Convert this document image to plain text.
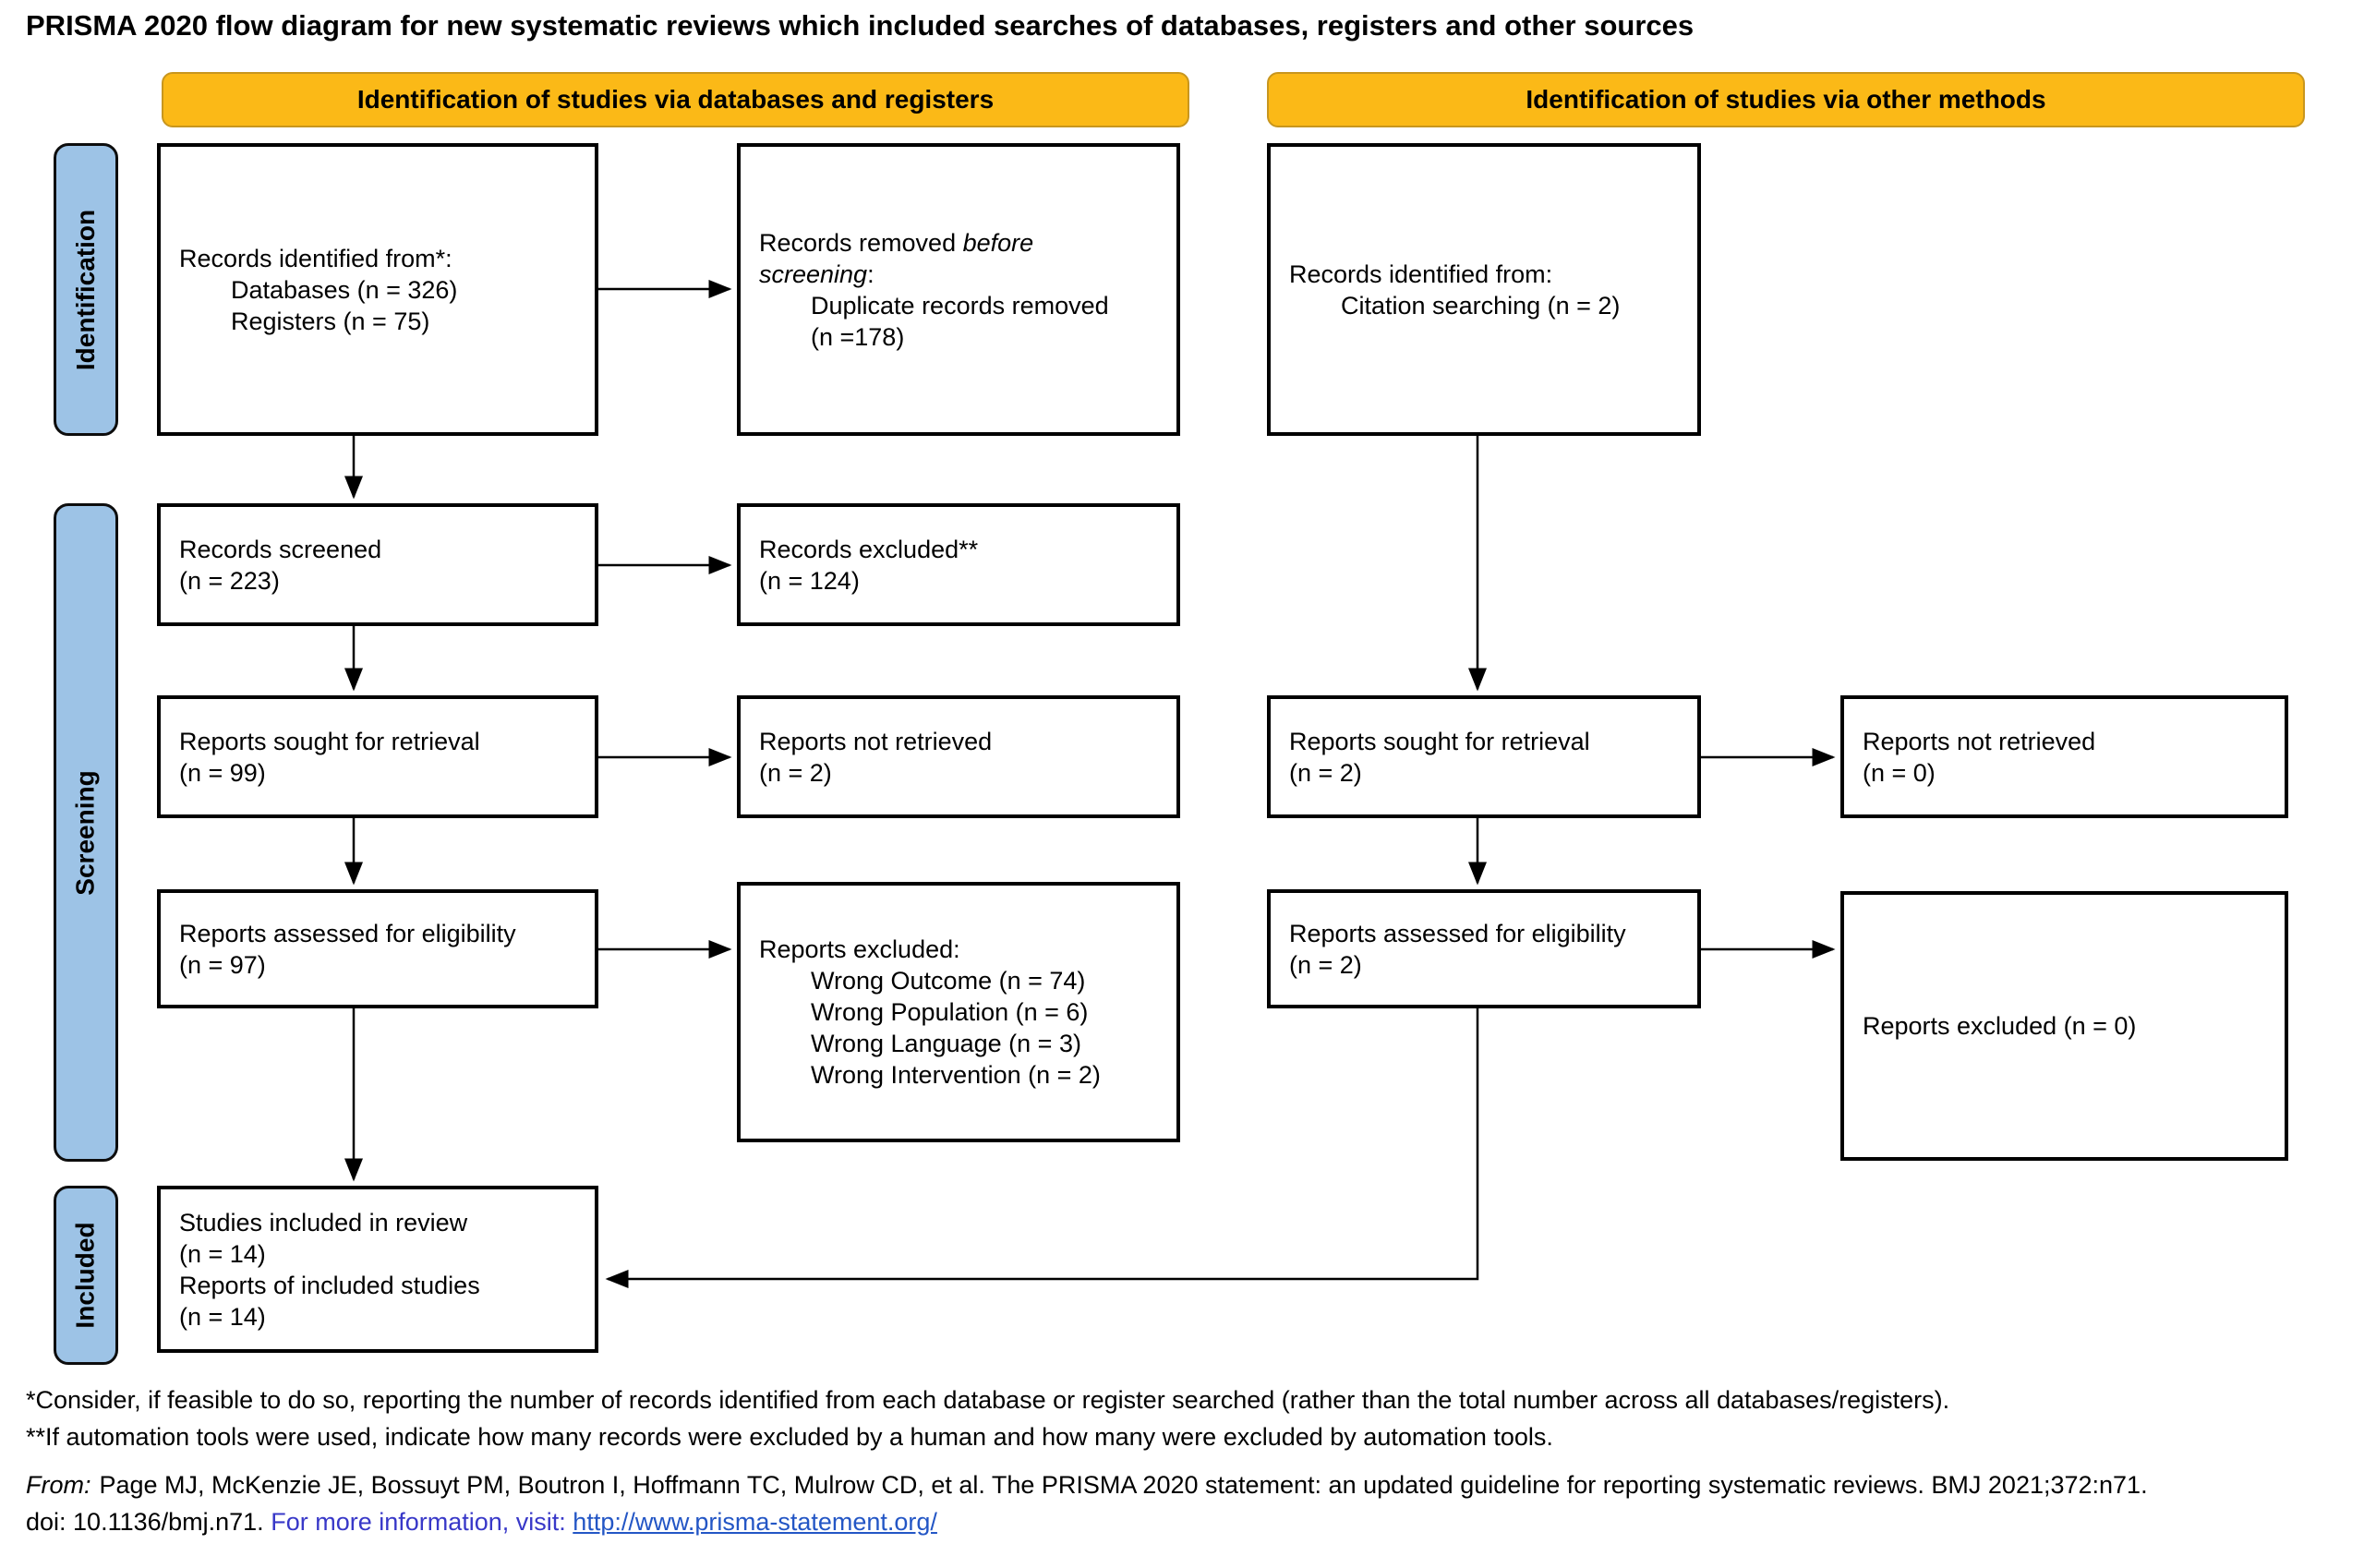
PRISMA 2020 flow diagram for new systematic reviews which included searches of databases, registers and other sources
Identification of studies via databases and registers	Identification of studies via other methods
Identification
Screening
Included
Records identified from*:
Databases (n = 326)
Registers (n = 75)
Records screened
(n = 223)
Reports sought for retrieval
(n = 99)
Reports assessed for eligibility
(n = 97)
Studies included in review
(n = 14)
Reports of included studies
(n = 14)
Records removed before
screening:
Duplicate records removed
(n =178)
Records excluded**
(n = 124)
Reports not retrieved
(n = 2)
Reports excluded:
Wrong Outcome (n = 74)
Wrong Population (n = 6)
Wrong Language (n = 3)
Wrong Intervention (n = 2)
Records identified from:
Citation searching (n = 2)
Reports sought for retrieval
(n = 2)
Reports assessed for eligibility
(n = 2)
Reports not retrieved
(n = 0)
Reports excluded (n = 0)
*Consider, if feasible to do so, reporting the number of records identified from each database or register searched (rather than the total number across all databases/registers).
**If automation tools were used, indicate how many records were excluded by a human and how many were excluded by automation tools.
From: Page MJ, McKenzie JE, Bossuyt PM, Boutron I, Hoffmann TC, Mulrow CD, et al. The PRISMA 2020 statement: an updated guideline for reporting systematic reviews. BMJ 2021;372:n71.
doi: 10.1136/bmj.n71. For more information, visit: http://www.prisma-statement.org/
